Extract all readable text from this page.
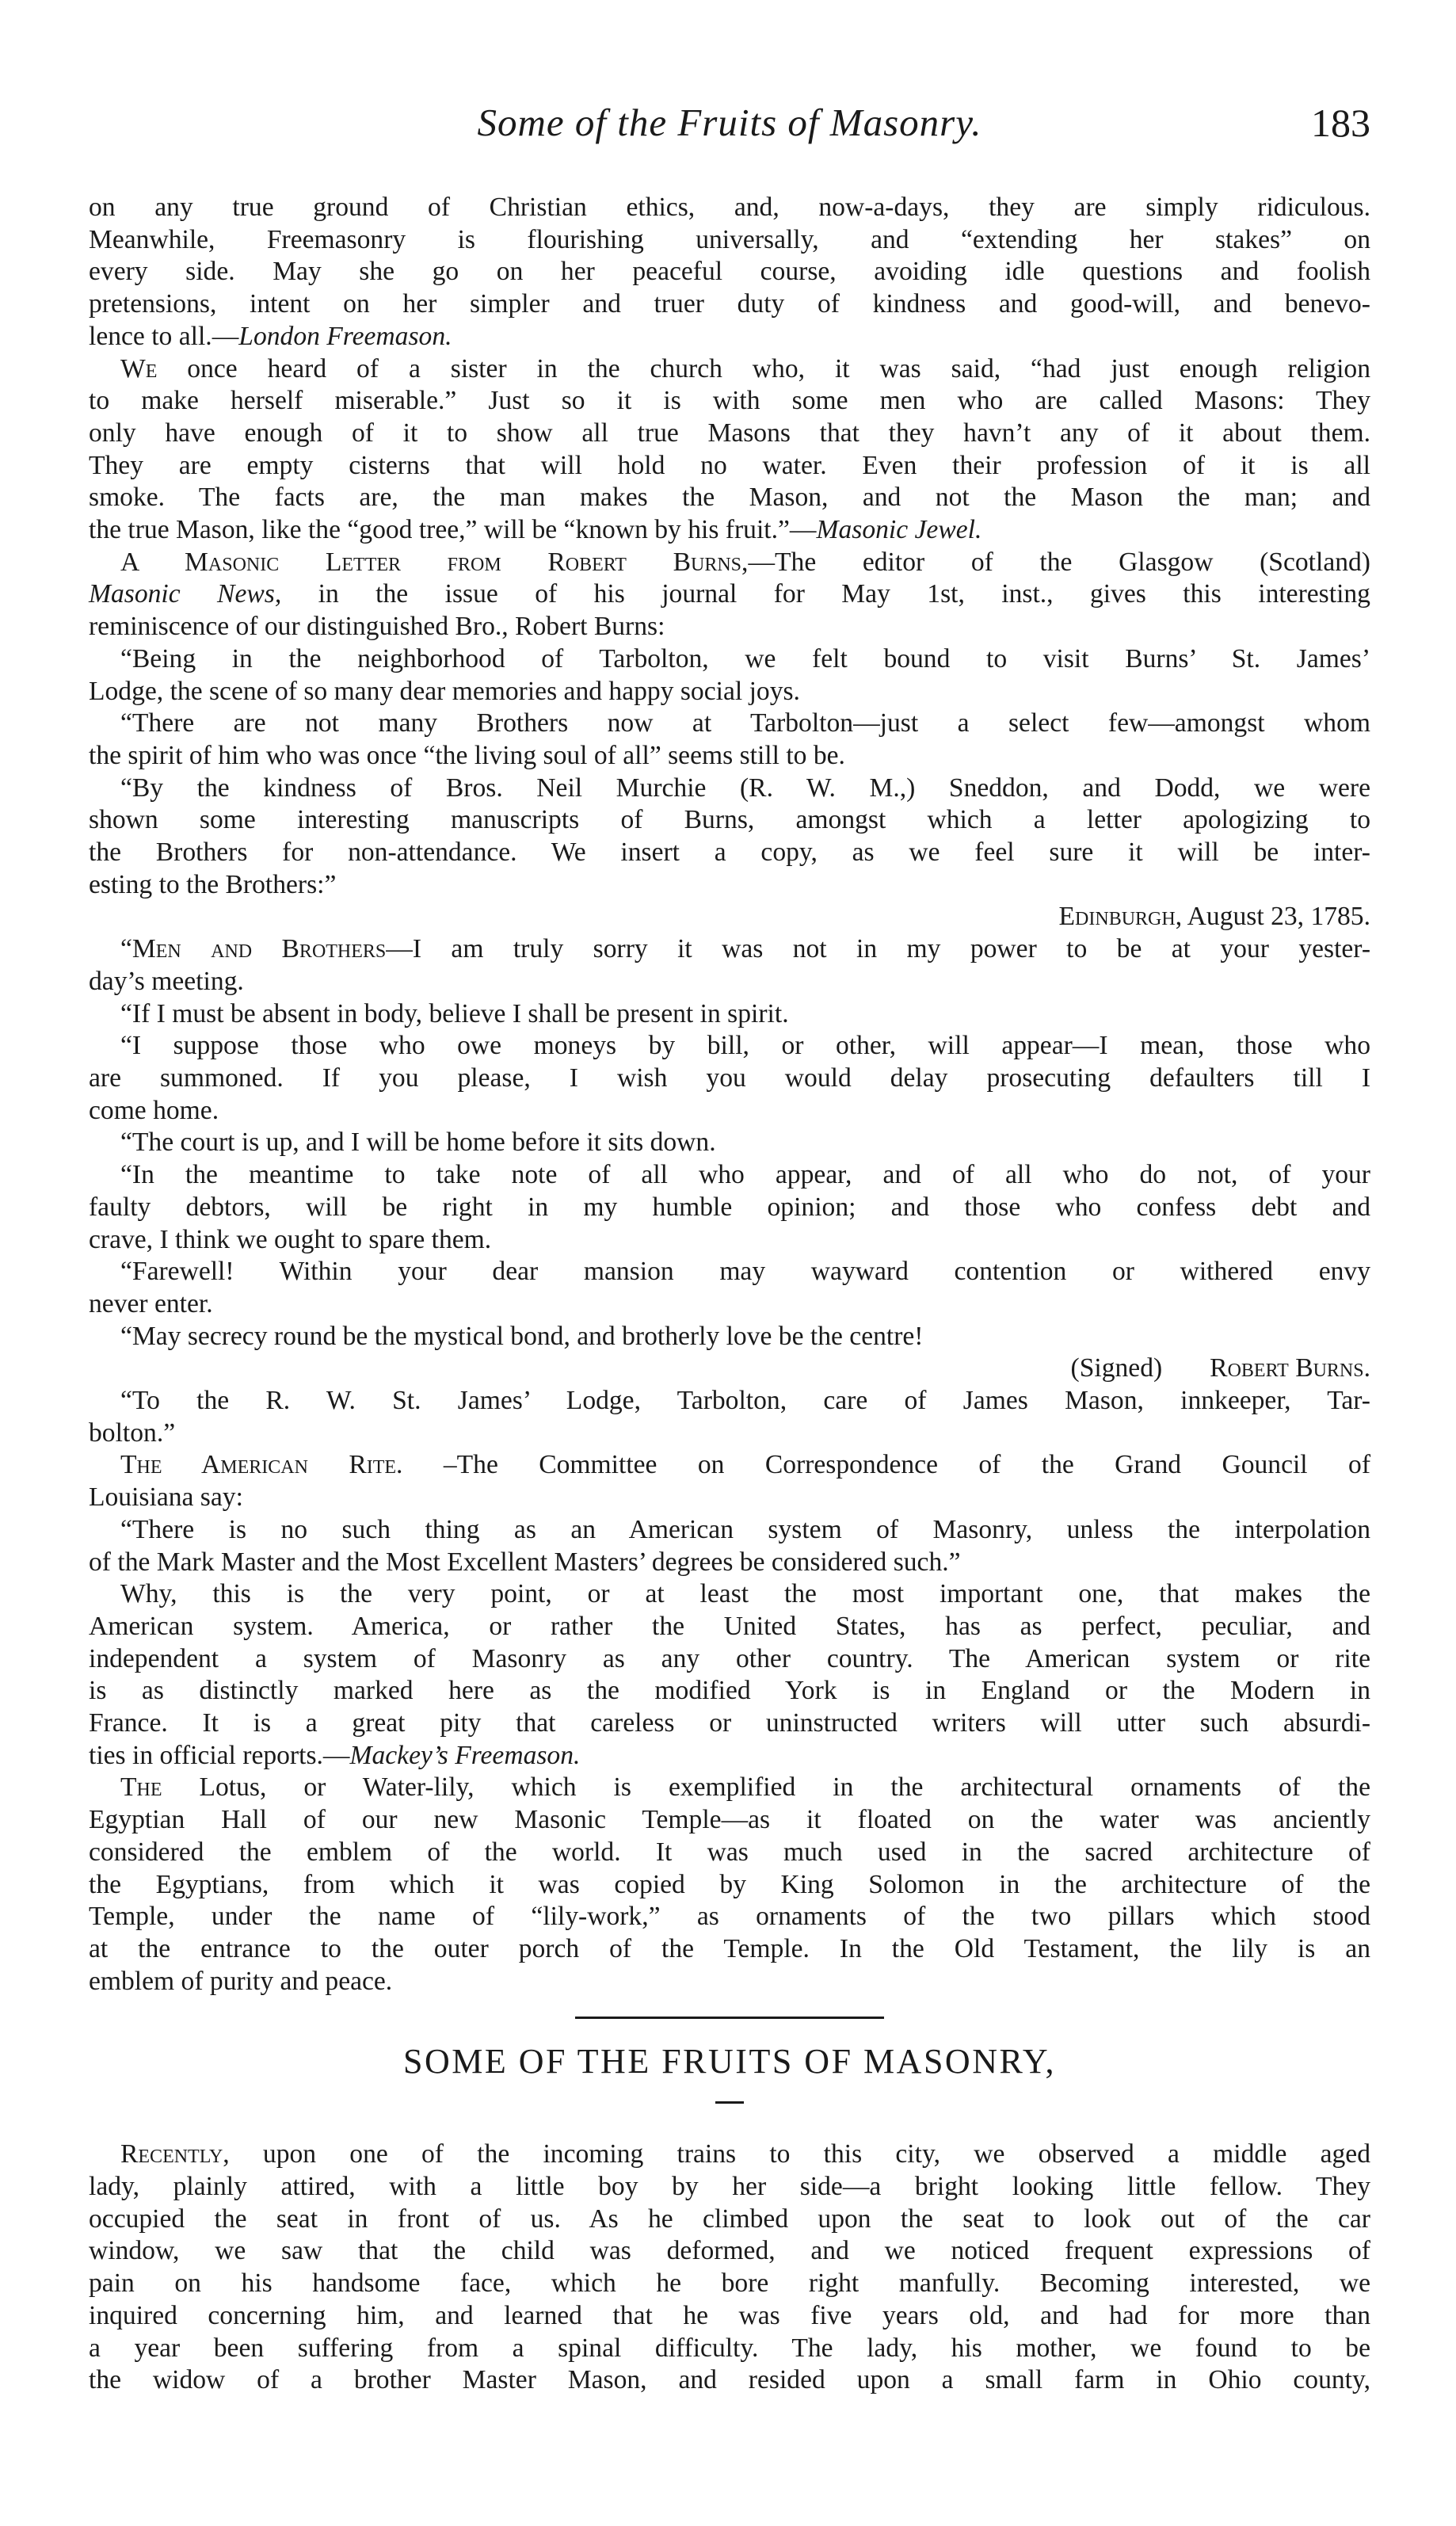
Some of the Fruits of Masonry.	183
on any true ground of Christian ethics, and, now-a-days, they are simply ridiculous.
Meanwhile, Freemasonry is flourishing universally, and “extending her stakes” on
every side. May she go on her peaceful course, avoiding idle questions and foolish
pretensions, intent on her simpler and truer duty of kindness and good-will, and benevo-
lence to all.—London Freemason.
We once heard of a sister in the church who, it was said, “had just enough religion
to make herself miserable.” Just so it is with some men who are called Masons: They
only have enough of it to show all true Masons that they havn’t any of it about them.
They are empty cisterns that will hold no water. Even their profession of it is all
smoke. The facts are, the man makes the Mason, and not the Mason the man; and
the true Mason, like the “good tree,” will be “known by his fruit.”—Masonic Jewel.
A Masonic Letter from Robert Burns,—The editor of the Glasgow (Scotland)
Masonic News, in the issue of his journal for May 1st, inst., gives this interesting
reminiscence of our distinguished Bro., Robert Burns:
“Being in the neighborhood of Tarbolton, we felt bound to visit Burns’ St. James’
Lodge, the scene of so many dear memories and happy social joys.
“There are not many Brothers now at Tarbolton—just a select few—amongst whom
the spirit of him who was once “the living soul of all” seems still to be.
“By the kindness of Bros. Neil Murchie (R. W. M.,) Sneddon, and Dodd, we were
shown some interesting manuscripts of Burns, amongst which a letter apologizing to
the Brothers for non-attendance. We insert a copy, as we feel sure it will be inter-
esting to the Brothers:”
Edinburgh, August 23, 1785.
“Men and Brothers—I am truly sorry it was not in my power to be at your yester-
day’s meeting.
“If I must be absent in body, believe I shall be present in spirit.
“I suppose those who owe moneys by bill, or other, will appear—I mean, those who
are summoned. If you please, I wish you would delay prosecuting defaulters till I
come home.
“The court is up, and I will be home before it sits down.
“In the meantime to take note of all who appear, and of all who do not, of your
faulty debtors, will be right in my humble opinion; and those who confess debt and
crave, I think we ought to spare them.
“Farewell! Within your dear mansion may wayward contention or withered envy
never enter.
“May secrecy round be the mystical bond, and brotherly love be the centre!
(Signed) Robert Burns.
“To the R. W. St. James’ Lodge, Tarbolton, care of James Mason, innkeeper, Tar-
bolton.”
The American Rite. –The Committee on Correspondence of the Grand Gouncil of
Louisiana say:
“There is no such thing as an American system of Masonry, unless the interpolation
of the Mark Master and the Most Excellent Masters’ degrees be considered such.”
Why, this is the very point, or at least the most important one, that makes the
American system. America, or rather the United States, has as perfect, peculiar, and
independent a system of Masonry as any other country. The American system or rite
is as distinctly marked here as the modified York is in England or the Modern in
France. It is a great pity that careless or uninstructed writers will utter such absurdi-
ties in official reports.—Mackey’s Freemason.
The Lotus, or Water-lily, which is exemplified in the architectural ornaments of the
Egyptian Hall of our new Masonic Temple—as it floated on the water was anciently
considered the emblem of the world. It was much used in the sacred architecture of
the Egyptians, from which it was copied by King Solomon in the architecture of the
Temple, under the name of “lily-work,” as ornaments of the two pillars which stood
at the entrance to the outer porch of the Temple. In the Old Testament, the lily is an
emblem of purity and peace.
SOME OF THE FRUITS OF MASONRY,
Recently, upon one of the incoming trains to this city, we observed a middle aged
lady, plainly attired, with a little boy by her side—a bright looking little fellow. They
occupied the seat in front of us. As he climbed upon the seat to look out of the car
window, we saw that the child was deformed, and we noticed frequent expressions of
pain on his handsome face, which he bore right manfully. Becoming interested, we
inquired concerning him, and learned that he was five years old, and had for more than
a year been suffering from a spinal difficulty. The lady, his mother, we found to be
the widow of a brother Master Mason, and resided upon a small farm in Ohio county,
